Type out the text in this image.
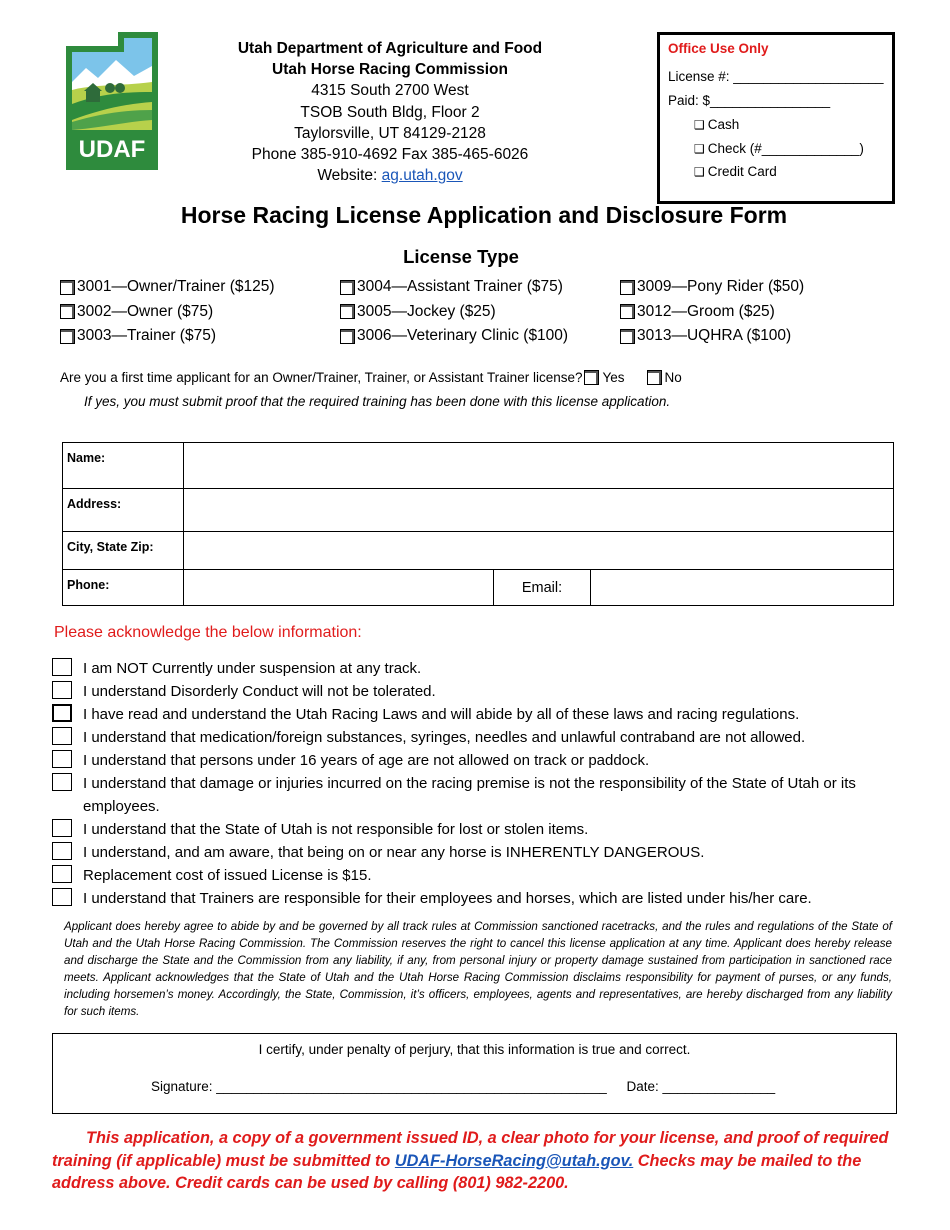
UDAF
Utah Department of Agriculture and Food
Utah Horse Racing Commission
4315 South 2700 West
TSOB South Bldg, Floor 2
Taylorsville, UT 84129-2128
Phone 385-910-4692 Fax 385-465-6026
Website: ag.utah.gov
Office Use Only
License #: ____________________
Paid: $________________
❑ Cash
❑ Check (#_____________)
❑ Credit Card
Horse Racing License Application and Disclosure Form
License Type
3001—Owner/Trainer ($125)
3002—Owner ($75)
3003—Trainer ($75)
3004—Assistant Trainer ($75)
3005—Jockey ($25)
3006—Veterinary Clinic ($100)
3009—Pony Rider ($50)
3012—Groom ($25)
3013—UQHRA ($100)
Are you a first time applicant for an Owner/Trainer, Trainer, or Assistant Trainer license? Yes	No
If yes, you must submit proof that the required training has been done with this license application.
Name:
Address:
City, State Zip:
Phone:	Email:
Please acknowledge the below information:
I am NOT Currently under suspension at any track.
I understand Disorderly Conduct will not be tolerated.
I have read and understand the Utah Racing Laws and will abide by all of these laws and racing regulations.
I understand that medication/foreign substances, syringes, needles and unlawful contraband are not allowed.
I understand that persons under 16 years of age are not allowed on track or paddock.
I understand that damage or injuries incurred on the racing premise is not the responsibility of the State of Utah or its employees.
I understand that the State of Utah is not responsible for lost or stolen items.
I understand, and am aware, that being on or near any horse is INHERENTLY DANGEROUS.
Replacement cost of issued License is $15.
I understand that Trainers are responsible for their employees and horses, which are listed under his/her care.
Applicant does hereby agree to abide by and be governed by all track rules at Commission sanctioned racetracks, and the rules and regulations of the State of Utah and the Utah Horse Racing Commission. The Commission reserves the right to cancel this license application at any time. Applicant does hereby release and discharge the State and the Commission from any liability, if any, from personal injury or property damage sustained from participation in sanctioned race meets. Applicant acknowledges that the State of Utah and the Utah Horse Racing Commission disclaims responsibility for payment of purses, or any funds, including horsemen’s money. Accordingly, the State, Commission, it’s officers, employees, agents and representatives, are hereby discharged from any liability for such items.
I certify, under penalty of perjury, that this information is true and correct.
Signature: ____________________________________________________ Date: _______________
This application, a copy of a government issued ID, a clear photo for your license, and proof of required training (if applicable) must be submitted to UDAF-HorseRacing@utah.gov. Checks may be mailed to the address above. Credit cards can be used by calling (801) 982-2200.
